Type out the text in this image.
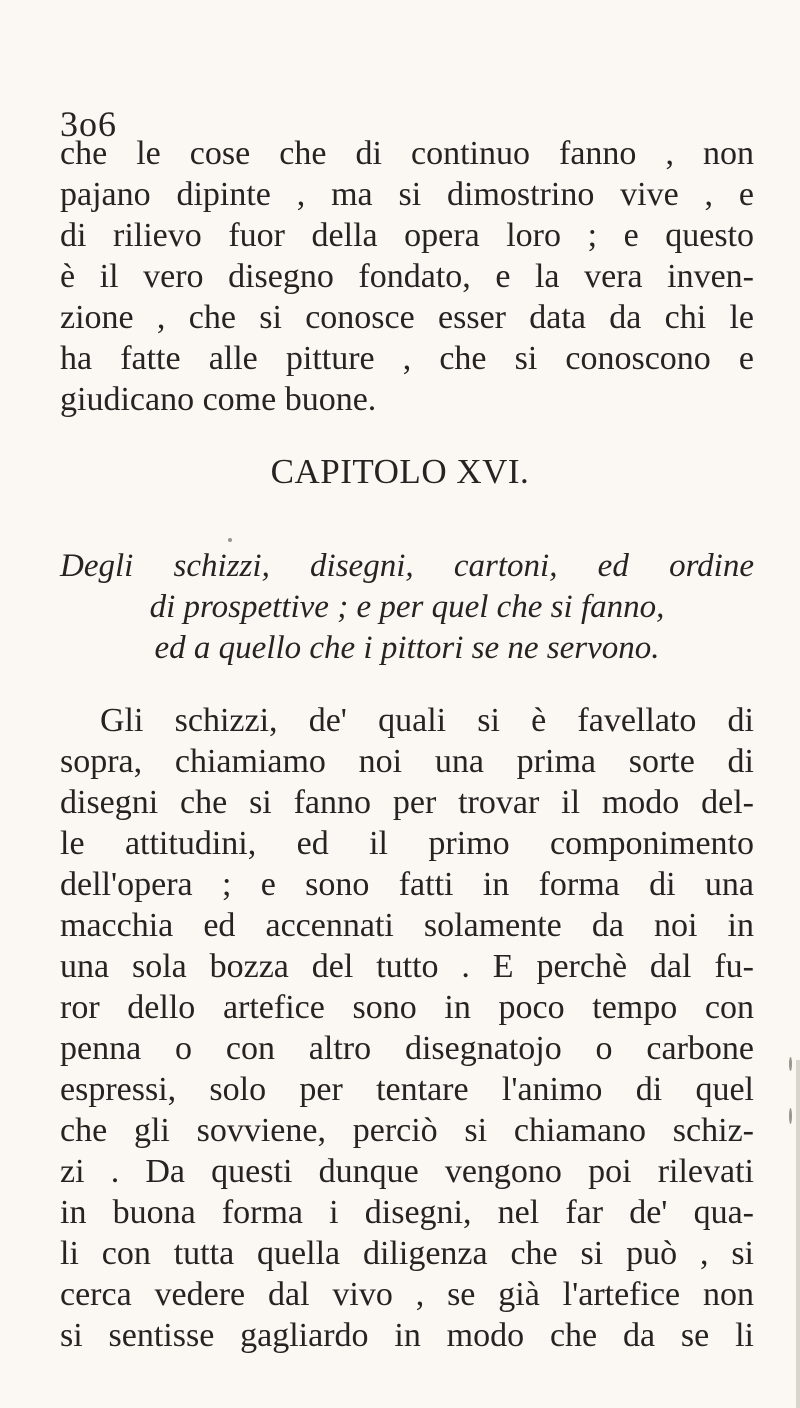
3o6
che le cose che di continuo fanno , non
pajano dipinte , ma si dimostrino vive , e
di rilievo fuor della opera loro ; e questo
è il vero disegno fondato, e la vera inven-
zione , che si conosce esser data da chi le
ha fatte alle pitture , che si conoscono e
giudicano come buone.
CAPITOLO XVI.
Degli schizzi, disegni, cartoni, ed ordine
di prospettive ; e per quel che si fanno,
ed a quello che i pittori se ne servono.
Gli schizzi, de' quali si è favellato di
sopra, chiamiamo noi una prima sorte di
disegni che si fanno per trovar il modo del-
le attitudini, ed il primo componimento
dell'opera ; e sono fatti in forma di una
macchia ed accennati solamente da noi in
una sola bozza del tutto . E perchè dal fu-
ror dello artefice sono in poco tempo con
penna o con altro disegnatojo o carbone
espressi, solo per tentare l'animo di quel
che gli sovviene, perciò si chiamano schiz-
zi . Da questi dunque vengono poi rilevati
in buona forma i disegni, nel far de' qua-
li con tutta quella diligenza che si può , si
cerca vedere dal vivo , se già l'artefice non
si sentisse gagliardo in modo che da se li
